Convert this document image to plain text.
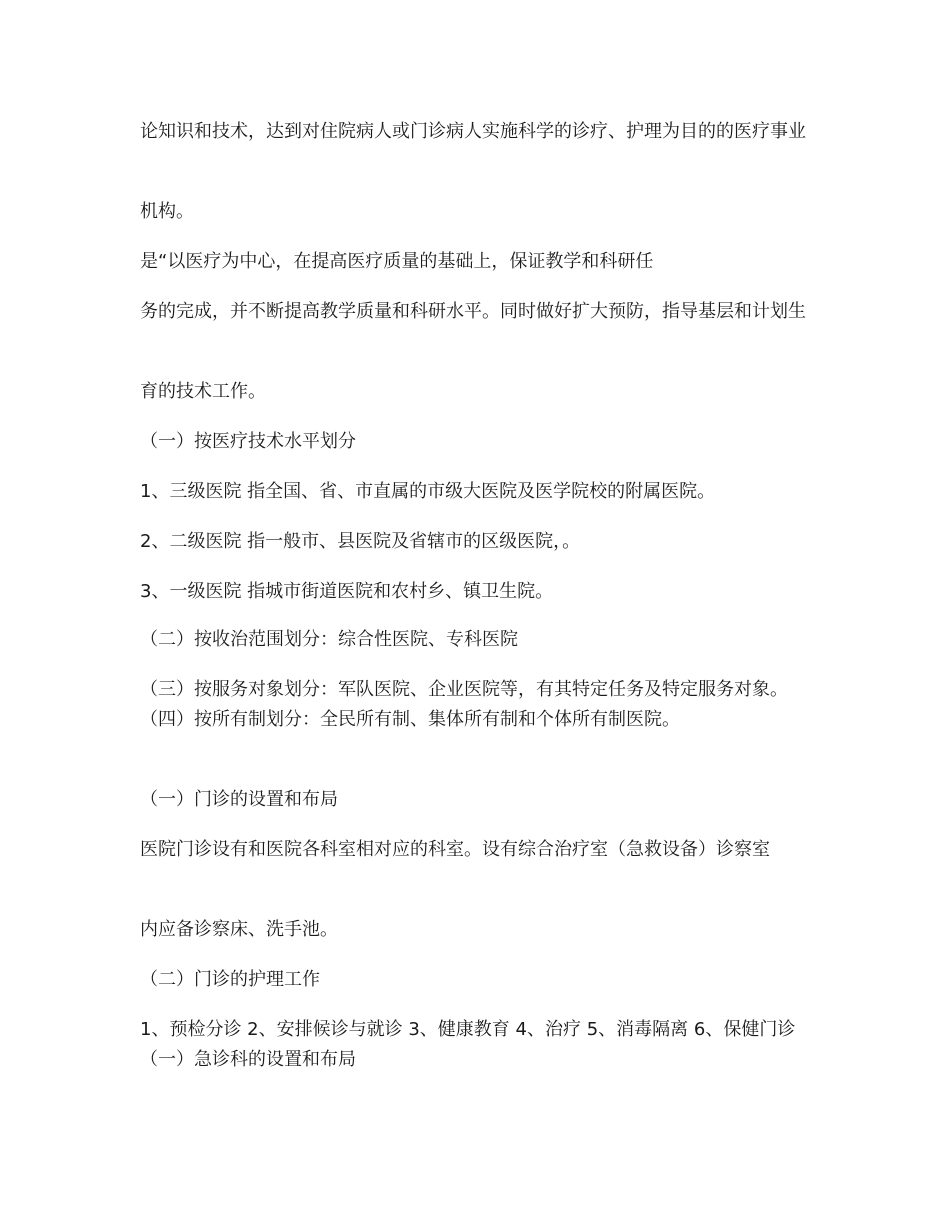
论知识和技术，达到对住院病人或门诊病人实施科学的诊疗、护理为目的的医疗事业

机构。

是“以医疗为中心，在提高医疗质量的基础上，保证教学和科研任

务的完成，并不断提高教学质量和科研水平。同时做好扩大预防，指导基层和计划生

育的技术工作。

（一）按医疗技术水平划分

1、三级医院 指全国、省、市直属的市级大医院及医学院校的附属医院。

2、二级医院 指一般市、县医院及省辖市的区级医院，。

3、一级医院 指城市街道医院和农村乡、镇卫生院。

（二）按收治范围划分：综合性医院、专科医院

（三）按服务对象划分：军队医院、企业医院等，有其特定任务及特定服务对象。 （四）按所有制划分：全民所有制、集体所有制和个体所有制医院。

（一）门诊的设置和布局

医院门诊设有和医院各科室相对应的科室。设有综合治疗室（急救设备）诊察室

内应备诊察床、洗手池。

（二）门诊的护理工作

1、预检分诊 2、安排候诊与就诊 3、健康教育 4、治疗 5、消毒隔离 6、保健门诊 （一）急诊科的设置和布局
